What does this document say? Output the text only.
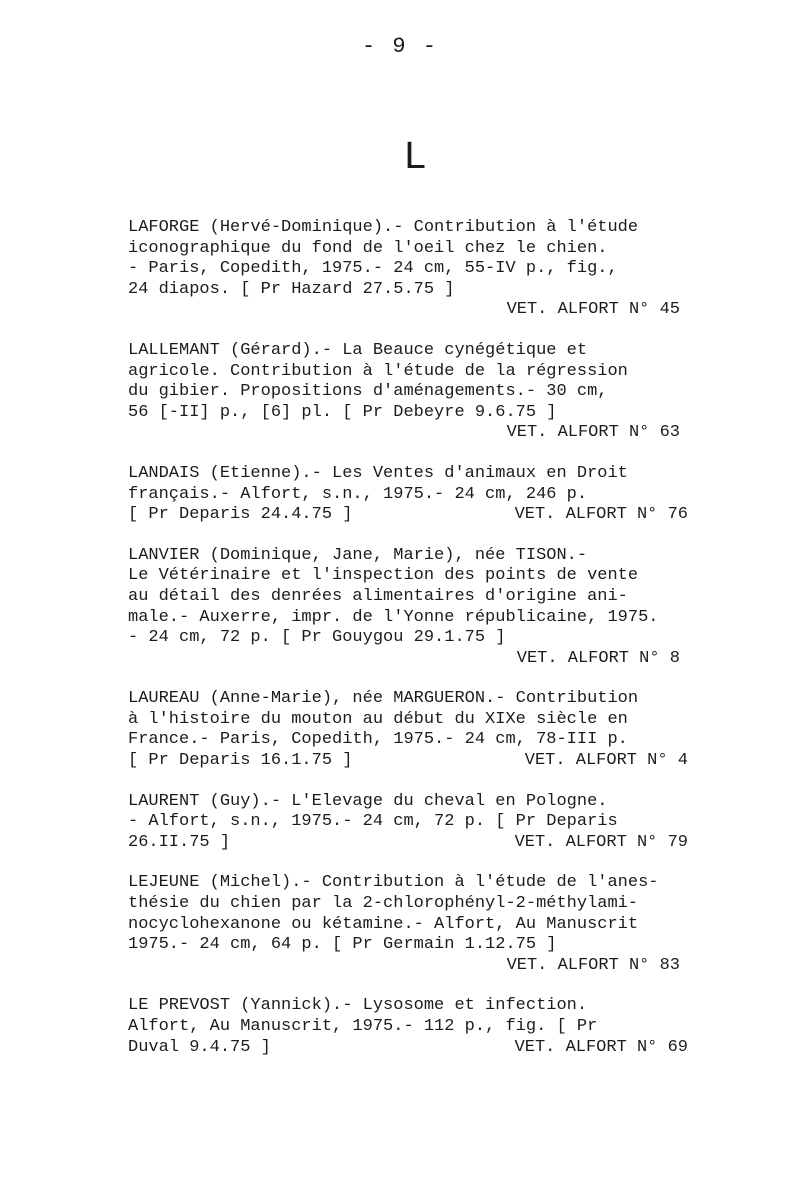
- 9 -
L
LAFORGE (Hervé-Dominique).- Contribution à l'étude
iconographique du fond de l'oeil chez le chien.
- Paris, Copedith, 1975.- 24 cm, 55-IV p., fig.,
24 diapos. [ Pr Hazard 27.5.75 ]
VET. ALFORT N° 45
LALLEMANT (Gérard).- La Beauce cynégétique et
agricole. Contribution à l'étude de la régression
du gibier. Propositions d'aménagements.- 30 cm,
56 [-II] p., [6] pl. [ Pr Debeyre 9.6.75 ]
VET. ALFORT N° 63
LANDAIS (Etienne).- Les Ventes d'animaux en Droit
français.- Alfort, s.n., 1975.- 24 cm, 246 p.
[ Pr Deparis 24.4.75 ]	VET. ALFORT N° 76
LANVIER (Dominique, Jane, Marie), née TISON.-
Le Vétérinaire et l'inspection des points de vente
au détail des denrées alimentaires d'origine ani-
male.- Auxerre, impr. de l'Yonne républicaine, 1975.
- 24 cm, 72 p. [ Pr Gouygou 29.1.75 ]
VET. ALFORT N° 8
LAUREAU (Anne-Marie), née MARGUERON.- Contribution
à l'histoire du mouton au début du XIXe siècle en
France.- Paris, Copedith, 1975.- 24 cm, 78-III p.
[ Pr Deparis 16.1.75 ]	VET. ALFORT N° 4
LAURENT (Guy).- L'Elevage du cheval en Pologne.
- Alfort, s.n., 1975.- 24 cm, 72 p. [ Pr Deparis
26.II.75 ]	VET. ALFORT N° 79
LEJEUNE (Michel).- Contribution à l'étude de l'anes-
thésie du chien par la 2-chlorophényl-2-méthylami-
nocyclohexanone ou kétamine.- Alfort, Au Manuscrit
1975.- 24 cm, 64 p. [ Pr Germain 1.12.75 ]
VET. ALFORT N° 83
LE PREVOST (Yannick).- Lysosome et infection.
Alfort, Au Manuscrit, 1975.- 112 p., fig. [ Pr
Duval 9.4.75 ]	VET. ALFORT N° 69
